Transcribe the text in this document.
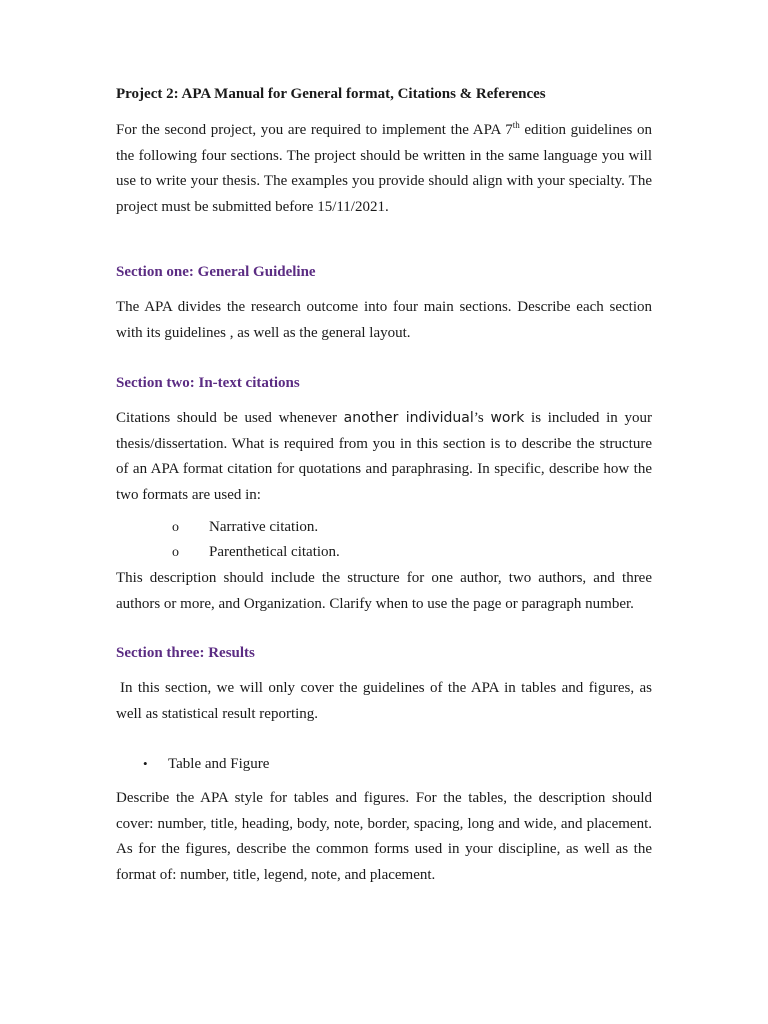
Project 2: APA Manual for General format, Citations & References

For the second project, you are required to implement the APA 7th edition guidelines on the following four sections. The project should be written in the same language you will use to write your thesis. The examples you provide should align with your specialty. The project must be submitted before 15/11/2021.

Section one: General Guideline

The APA divides the research outcome into four main sections. Describe each section with its guidelines , as well as the general layout.

Section two: In-text citations

Citations should be used whenever another individual’s work is included in your thesis/dissertation. What is required from you in this section is to describe the structure of an APA format citation for quotations and paraphrasing. In specific, describe how the two formats are used in:

o Narrative citation.
o Parenthetical citation.

This description should include the structure for one author, two authors, and three authors or more, and Organization. Clarify when to use the page or paragraph number.

Section three: Results

In this section, we will only cover the guidelines of the APA in tables and figures, as well as statistical result reporting.

• Table and Figure

Describe the APA style for tables and figures. For the tables, the description should cover: number, title, heading, body, note, border, spacing, long and wide, and placement. As for the figures, describe the common forms used in your discipline, as well as the format of: number, title, legend, note, and placement.
